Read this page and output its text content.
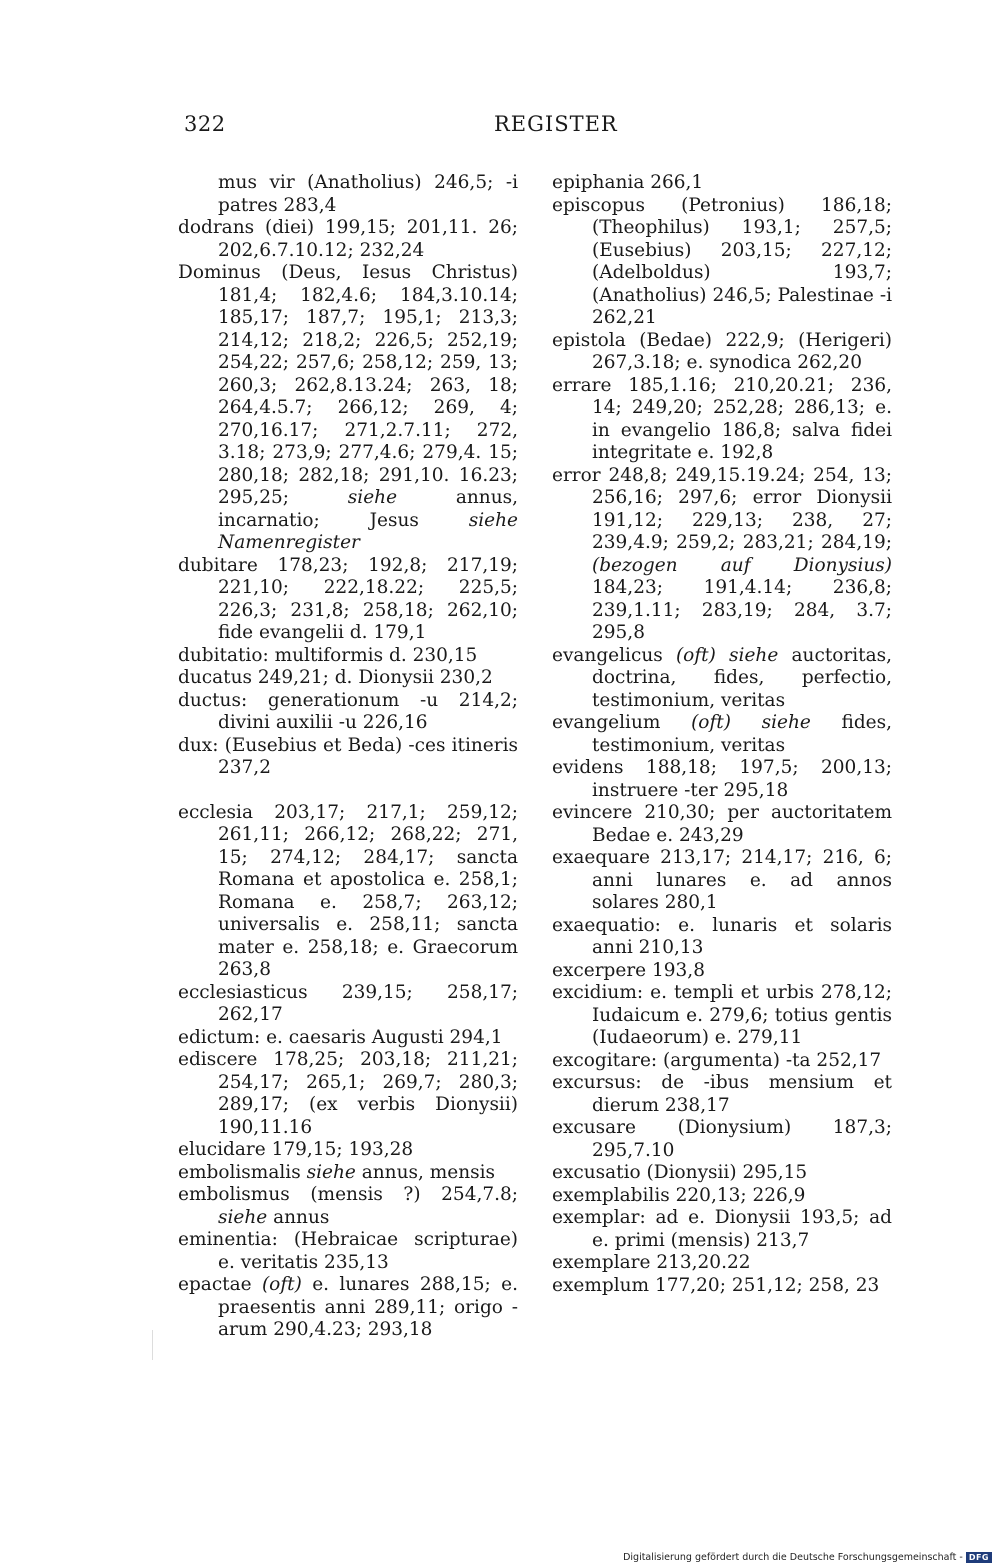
322	REGISTER
mus vir (Anatholius) 246,5; -i patres 283,4
dodrans (diei) 199,15; 201,11. 26; 202,6.7.10.12; 232,24
Dominus (Deus, Iesus Christus) 181,4; 182,4.6; 184,3.10.14; 185,17; 187,7; 195,1; 213,3; 214,12; 218,2; 226,5; 252,19; 254,22; 257,6; 258,12; 259, 13; 260,3; 262,8.13.24; 263, 18; 264,4.5.7; 266,12; 269, 4; 270,16.17; 271,2.7.11; 272, 3.18; 273,9; 277,4.6; 279,4. 15; 280,18; 282,18; 291,10. 16.23; 295,25; siehe annus, incarnatio; Jesus siehe Namenregister
dubitare 178,23; 192,8; 217,19; 221,10; 222,18.22; 225,5; 226,3; 231,8; 258,18; 262,10; fide evangelii d. 179,1
dubitatio: multiformis d. 230,15
ducatus 249,21; d. Dionysii 230,2
ductus: generationum -u 214,2; divini auxilii -u 226,16
dux: (Eusebius et Beda) -ces itineris 237,2
ecclesia 203,17; 217,1; 259,12; 261,11; 266,12; 268,22; 271, 15; 274,12; 284,17; sancta Romana et apostolica e. 258,1; Romana e. 258,7; 263,12; universalis e. 258,11; sancta mater e. 258,18; e. Graecorum 263,8
ecclesiasticus 239,15; 258,17; 262,17
edictum: e. caesaris Augusti 294,1
ediscere 178,25; 203,18; 211,21; 254,17; 265,1; 269,7; 280,3; 289,17; (ex verbis Dionysii) 190,11.16
elucidare 179,15; 193,28
embolismalis siehe annus, mensis
embolismus (mensis ?) 254,7.8; siehe annus
eminentia: (Hebraicae scripturae) e. veritatis 235,13
epactae (oft) e. lunares 288,15; e. praesentis anni 289,11; origo -arum 290,4.23; 293,18
epiphania 266,1
episcopus (Petronius) 186,18; (Theophilus) 193,1; 257,5; (Eusebius) 203,15; 227,12; (Adelboldus) 193,7; (Anatholius) 246,5; Palestinae -i 262,21
epistola (Bedae) 222,9; (Herigeri) 267,3.18; e. synodica 262,20
errare 185,1.16; 210,20.21; 236, 14; 249,20; 252,28; 286,13; e. in evangelio 186,8; salva fidei integritate e. 192,8
error 248,8; 249,15.19.24; 254, 13; 256,16; 297,6; error Dionysii 191,12; 229,13; 238, 27; 239,4.9; 259,2; 283,21; 284,19; (bezogen auf Dionysius) 184,23; 191,4.14; 236,8; 239,1.11; 283,19; 284, 3.7; 295,8
evangelicus (oft) siehe auctoritas, doctrina, fides, perfectio, testimonium, veritas
evangelium (oft) siehe fides, testimonium, veritas
evidens 188,18; 197,5; 200,13; instruere -ter 295,18
evincere 210,30; per auctoritatem Bedae e. 243,29
exaequare 213,17; 214,17; 216, 6; anni lunares e. ad annos solares 280,1
exaequatio: e. lunaris et solaris anni 210,13
excerpere 193,8
excidium: e. templi et urbis 278,12; Iudaicum e. 279,6; totius gentis (Iudaeorum) e. 279,11
excogitare: (argumenta) -ta 252,17
excursus: de -ibus mensium et dierum 238,17
excusare (Dionysium) 187,3; 295,7.10
excusatio (Dionysii) 295,15
exemplabilis 220,13; 226,9
exemplar: ad e. Dionysii 193,5; ad e. primi (mensis) 213,7
exemplare 213,20.22
exemplum 177,20; 251,12; 258, 23
Digitalisierung gefördert durch die Deutsche Forschungsgemeinschaft - DFG
